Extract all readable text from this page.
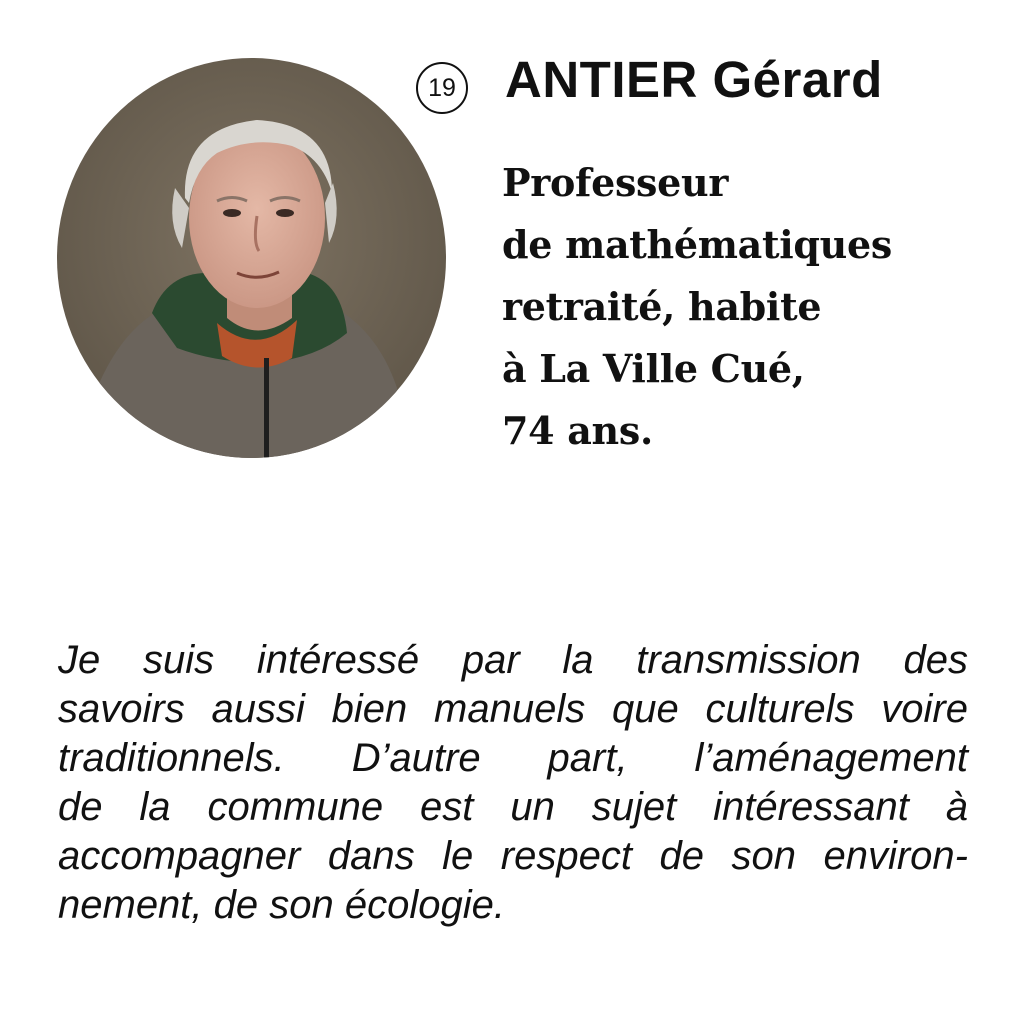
19 ANTIER Gérard

Professeur
de mathématiques
retraité, habite
à La Ville Cué,
74 ans.

Je suis intéressé par la transmission des
savoirs aussi bien manuels que culturels voire
traditionnels. D’autre part, l’aménagement
de la commune est un sujet intéressant à
accompagner dans le respect de son environ-
nement, de son écologie.
